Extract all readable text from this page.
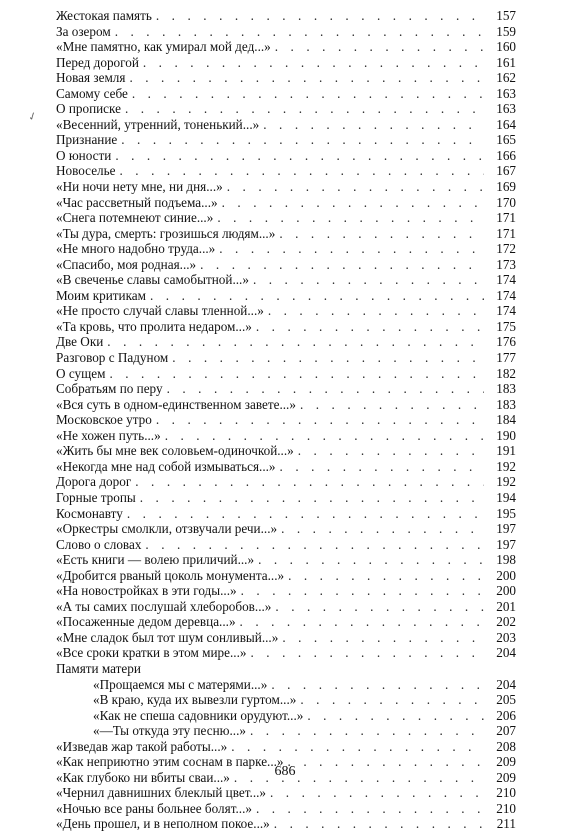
✓
Жестокая память . . .	157
За озером . . .	159
«Мне памятно, как умирал мой дед...» . . .	160
Перед дорогой . . .	161
Новая земля . . .	162
Самому себе . . .	163
О прописке . . .	163
«Весенний, утренний, тоненький...» . . .	164
Признание . . .	165
О юности . . .	166
Новоселье . . .	167
«Ни ночи нету мне, ни дня...» . . .	169
«Час рассветный подъема...» . . .	170
«Снега потемнеют синие...» . . .	171
«Ты дура, смерть: грозишься людям...» . . .	171
«Не много надобно труда...» . . .	172
«Спасибо, моя родная...» . . .	173
«В свеченье славы самобытной...» . . .	174
Моим критикам . . .	174
«Не просто случай славы тленной...» . . .	174
«Та кровь, что пролита недаром...» . . .	175
Две Оки . . .	176
Разговор с Падуном . . .	177
О сущем . . .	182
Собратьям по перу . . .	183
«Вся суть в одном-единственном завете...» . . .	183
Московское утро . . .	184
«Не хожен путь...» . . .	190
«Жить бы мне век соловьем-одиночкой...» . . .	191
«Некогда мне над собой измываться...» . . .	192
Дорога дорог . . .	192
Горные тропы . . .	194
Космонавту . . .	195
«Оркестры смолкли, отзвучали речи...» . . .	197
Слово о словах . . .	197
«Есть книги — волею приличий...» . . .	198
«Дробится рваный цоколь монумента...» . . .	200
«На новостройках в эти годы...» . . .	200
«А ты самих послушай хлеборобов...» . . .	201
«Посаженные дедом деревца...» . . .	202
«Мне сладок был тот шум сонливый...» . . .	203
«Все сроки кратки в этом мире...» . . .	204
Памяти матери
«Прощаемся мы с матерями...» . . .	204
«В краю, куда их вывезли гуртом...» . . .	205
«Как не спеша садовники орудуют...» . . .	206
«—Ты откуда эту песню...» . . .	207
«Изведав жар такой работы...» . . .	208
«Как неприютно этим соснам в парке...» . . .	209
«Как глубоко ни вбиты сваи...» . . .	209
«Чернил давнишних блеклый цвет...» . . .	210
«Ночью все раны больнее болят...» . . .	210
«День прошел, и в неполном покое...» . . .	211
686
